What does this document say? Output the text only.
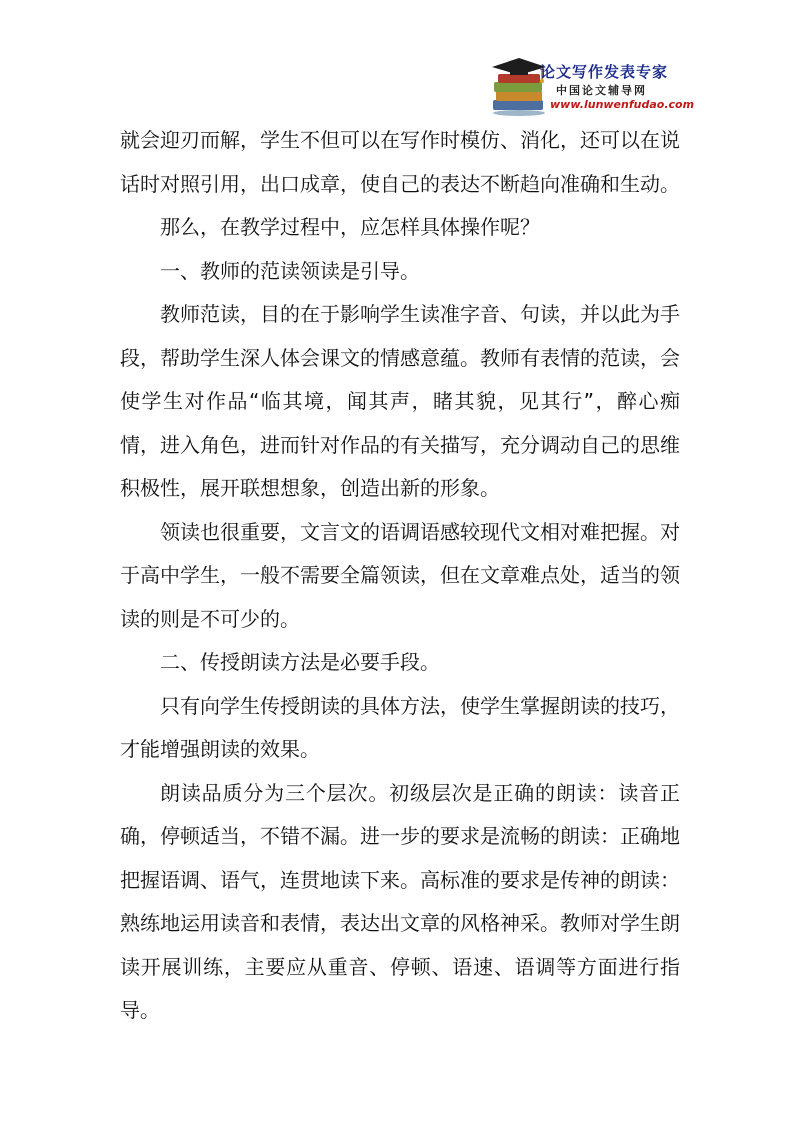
论文写作发表专家
中国论文辅导网
www.lunwenfudao.com

就会迎刃而解，学生不但可以在写作时模仿、消化，还可以在说话时对照引用，出口成章，使自己的表达不断趋向准确和生动。

那么，在教学过程中，应怎样具体操作呢？

一、教师的范读领读是引导。

教师范读，目的在于影响学生读准字音、句读，并以此为手段，帮助学生深人体会课文的情感意蕴。教师有表情的范读，会使学生对作品“临其境，闻其声，睹其貌，见其行”，醉心痴情，进入角色，进而针对作品的有关描写，充分调动自己的思维积极性，展开联想想象，创造出新的形象。

领读也很重要，文言文的语调语感较现代文相对难把握。对于高中学生，一般不需要全篇领读，但在文章难点处，适当的领读的则是不可少的。

二、传授朗读方法是必要手段。

只有向学生传授朗读的具体方法，使学生掌握朗读的技巧，才能增强朗读的效果。

朗读品质分为三个层次。初级层次是正确的朗读：读音正确，停顿适当，不错不漏。进一步的要求是流畅的朗读：正确地把握语调、语气，连贯地读下来。高标准的要求是传神的朗读：熟练地运用读音和表情，表达出文章的风格神采。教师对学生朗读开展训练，主要应从重音、停顿、语速、语调等方面进行指导。
